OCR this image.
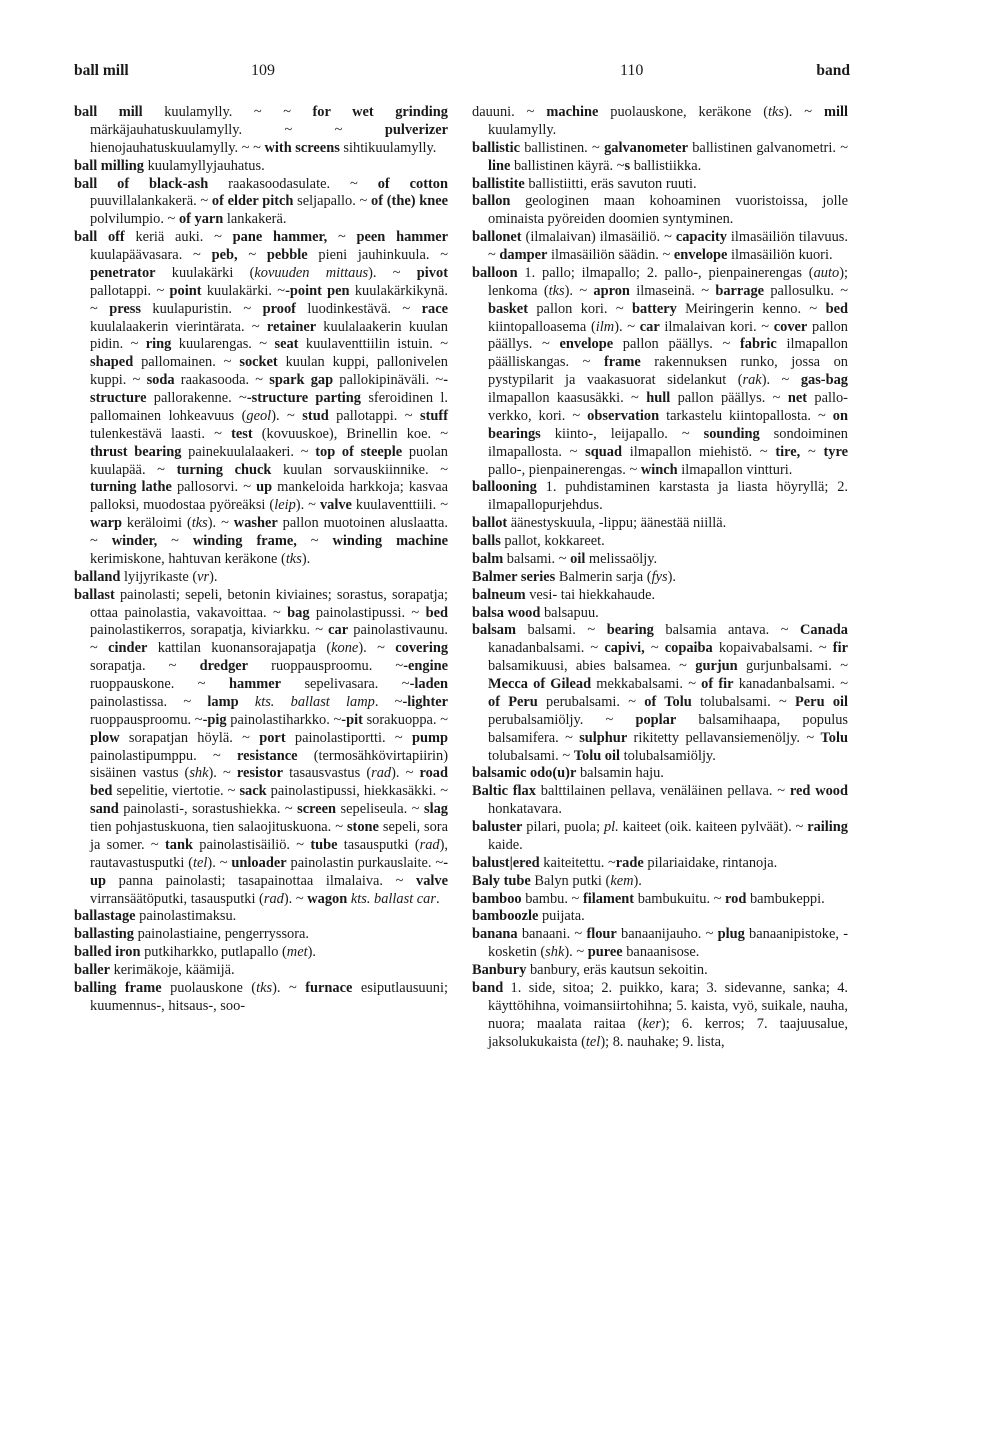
ball mill	109	110	band

ball mill kuulamylly. ~ ~ for wet grinding märkäjauhatuskuulamylly. ~ ~ pulverizer hienojauhatuskuulamylly. ~ ~ with screens sihtikuulamylly.

ball milling kuulamyllyjauhatus.

ball of black-ash raakasoodasulate. ~ of cotton puuvillalankakerä. ~ of elder pitch seljapallo. ~ of (the) knee polvilumpio. ~ of yarn lankakerä.

ball off keriä auki. ~ pane hammer, ~ peen hammer kuulapäävasara. ~ peb, ~ pebble pieni jauhinkuula. ~ penetrator kuulakärki (kovuuden mittaus). ~ pivot pallotappi. ~ point kuulakärki. ~-point pen kuulakärkikynä. ~ press kuulapuristin. ~ proof luodinkestävä. ~ race kuulalaakerin vierintärata. ~ retainer kuulalaakerin kuulan pidin. ~ ring kuularengas. ~ seat kuulaventtiilin istuin. ~ shaped pallomainen. ~ socket kuulan kuppi, pallonivelen kuppi. ~ soda raakasooda. ~ spark gap pallokipinäväli. ~-structure pallorakenne. ~-structure parting sferoidinen l. pallomainen lohkeavuus (geol). ~ stud pallotappi. ~ stuff tulenkestävä laasti. ~ test (kovuuskoe), Brinellin koe. ~ thrust bearing painekuulalaakeri. ~ top of steeple puolan kuulapää. ~ turning chuck kuulan sorvauskiinnike. ~ turning lathe pallosorvi. ~ up mankeloida harkkoja; kasvaa palloksi, muodostaa pyöreäksi (leip). ~ valve kuulaventtiili. ~ warp keräloimi (tks). ~ washer pallon muotoinen aluslaatta. ~ winder, ~ winding frame, ~ winding machine kerimiskone, hahtuvan keräkone (tks).

balland lyijyrikaste (vr).

ballast painolasti; sepeli, betonin kiviaines; sorastus, sorapatja; ottaa painolastia, vakavoittaa. ~ bag painolastipussi. ~ bed painolastikerros, sorapatja, kiviarkku. ~ car painolastivaunu. ~ cinder kattilan kuonansorajapatja (kone). ~ covering sorapatja. ~ dredger ruoppausproomu. ~-engine ruoppauskone. ~ hammer sepelivasara. ~-laden painolastissa. ~ lamp kts. ballast lamp. ~-lighter ruoppausproomu. ~-pig painolastiharkko. ~-pit sorakuoppa. ~ plow sorapatjan höylä. ~ port painolastiportti. ~ pump painolastipumppu. ~ resistance (termosähkövirtapiirin) sisäinen vastus (shk). ~ resistor tasausvastus (rad). ~ road bed sepelitie, viertotie. ~ sack painolastipussi, hiekkasäkki. ~ sand painolasti-, sorastushiekka. ~ screen sepeliseula. ~ slag tien pohjastuskuona, tien salaojituskuona. ~ stone sepeli, sora ja somer. ~ tank painolastisäiliö. ~ tube tasausputki (rad), rautavastusputki (tel). ~ unloader painolastin purkauslaite. ~-up panna painolasti; tasapainottaa ilmalaiva. ~ valve virransäätöputki, tasausputki (rad). ~ wagon kts. ballast car.

ballastage painolastimaksu.

ballasting painolastiaine, pengerryssora.

balled iron putkiharkko, putlapallo (met).

baller kerimäkoje, käämijä.

balling frame puolauskone (tks). ~ furnace esiputlausuuni; kuumennus-, hitsaus-, soo-

dauuni. ~ machine puolauskone, keräkone (tks). ~ mill kuulamylly.

ballistic ballistinen. ~ galvanometer ballistinen galvanometri. ~ line ballistinen käyrä. ~s ballistiikka.

ballistite ballistiitti, eräs savuton ruuti.

ballon geologinen maan kohoaminen vuoristoissa, jolle ominaista pyöreiden doomien syntyminen.

ballonet (ilmalaivan) ilmasäiliö. ~ capacity ilmasäiliön tilavuus. ~ damper ilmasäiliön säädin. ~ envelope ilmasäiliön kuori.

balloon 1. pallo; ilmapallo; 2. pallo-, pienpainerengas (auto); lenkoma (tks). ~ apron ilmaseinä. ~ barrage pallosulku. ~ basket pallon kori. ~ battery Meiringerin kenno. ~ bed kiintopalloasema (ilm). ~ car ilmalaivan kori. ~ cover pallon päällys. ~ envelope pallon päällys. ~ fabric ilmapallon päälliskangas. ~ frame rakennuksen runko, jossa on pystypilarit ja vaakasuorat sidelankut (rak). ~ gas-bag ilmapallon kaasusäkki. ~ hull pallon päällys. ~ net pallo-verkko, kori. ~ observation tarkastelu kiintopallosta. ~ on bearings kiinto-, leijapallo. ~ sounding sondoiminen ilmapallosta. ~ squad ilmapallon miehistö. ~ tire, ~ tyre pallo-, pienpainerengas. ~ winch ilmapallon vintturi.

ballooning 1. puhdistaminen karstasta ja liasta höyryllä; 2. ilmapallopurjehdus.

ballot äänestyskuula, -lippu; äänestää niillä.

balls pallot, kokkareet.

balm balsami. ~ oil melissaöljy.

Balmer series Balmerin sarja (fys).

balneum vesi- tai hiekkahaude.

balsa wood balsapuu.

balsam balsami. ~ bearing balsamia antava. ~ Canada kanadanbalsami. ~ capivi, ~ copaiba kopaivabalsami. ~ fir balsamikuusi, abies balsamea. ~ gurjun gurjunbalsami. ~ Mecca of Gilead mekkabalsami. ~ of fir kanadanbalsami. ~ of Peru perubalsami. ~ of Tolu tolubalsami. ~ Peru oil perubalsamiöljy. ~ poplar balsamihaapa, populus balsamifera. ~ sulphur rikitetty pellavansiemenöljy. ~ Tolu tolubalsami. ~ Tolu oil tolubalsamiöljy.

balsamic odo(u)r balsamin haju.

Baltic flax balttilainen pellava, venäläinen pellava. ~ red wood honkatavara.

baluster pilari, puola; pl. kaiteet (oik. kaiteen pylväät). ~ railing kaide.

balust|ered kaiteitettu. ~rade pilariaidake, rintanoja.

Baly tube Balyn putki (kem).

bamboo bambu. ~ filament bambukuitu. ~ rod bambukeppi.

bamboozle puijata.

banana banaani. ~ flour banaanijauho. ~ plug banaanipistoke, -kosketin (shk). ~ puree banaanisose.

Banbury banbury, eräs kautsun sekoitin.

band 1. side, sitoa; 2. puikko, kara; 3. sidevanne, sanka; 4. käyttöhihna, voimansiirtohihna; 5. kaista, vyö, suikale, nauha, nuora; maalata raitaa (ker); 6. kerros; 7. taajuusalue, jaksolukukaista (tel); 8. nauhake; 9. lista,
